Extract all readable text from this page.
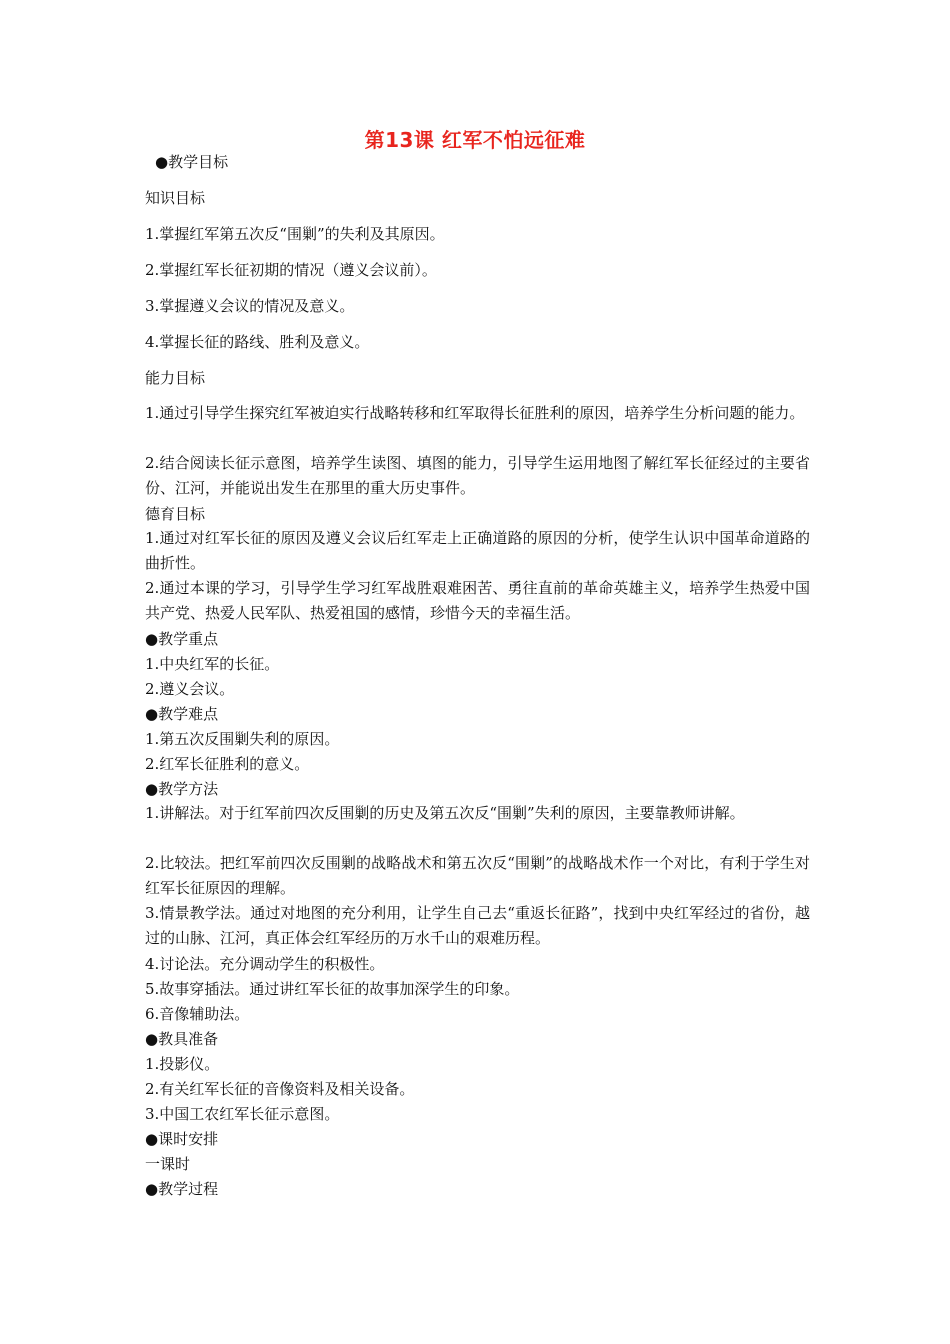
第13课 红军不怕远征难
●教学目标
知识目标
1.掌握红军第五次反“围剿”的失利及其原因。
2.掌握红军长征初期的情况（遵义会议前）。
3.掌握遵义会议的情况及意义。
4.掌握长征的路线、胜利及意义。
能力目标
1.通过引导学生探究红军被迫实行战略转移和红军取得长征胜利的原因，培养学生分析问题的能力。
2.结合阅读长征示意图，培养学生读图、填图的能力，引导学生运用地图了解红军长征经过的主要省份、江河，并能说出发生在那里的重大历史事件。
德育目标
1.通过对红军长征的原因及遵义会议后红军走上正确道路的原因的分析，使学生认识中国革命道路的曲折性。
2.通过本课的学习，引导学生学习红军战胜艰难困苦、勇往直前的革命英雄主义，培养学生热爱中国共产党、热爱人民军队、热爱祖国的感情，珍惜今天的幸福生活。
●教学重点
1.中央红军的长征。
2.遵义会议。
●教学难点
1.第五次反围剿失利的原因。
2.红军长征胜利的意义。
●教学方法
1.讲解法。对于红军前四次反围剿的历史及第五次反“围剿”失利的原因，主要靠教师讲解。
2.比较法。把红军前四次反围剿的战略战术和第五次反“围剿”的战略战术作一个对比，有利于学生对红军长征原因的理解。
3.情景教学法。通过对地图的充分利用，让学生自己去“重返长征路”，找到中央红军经过的省份，越过的山脉、江河，真正体会红军经历的万水千山的艰难历程。
4.讨论法。充分调动学生的积极性。
5.故事穿插法。通过讲红军长征的故事加深学生的印象。
6.音像辅助法。
●教具准备
1.投影仪。
2.有关红军长征的音像资料及相关设备。
3.中国工农红军长征示意图。
●课时安排
一课时
●教学过程
